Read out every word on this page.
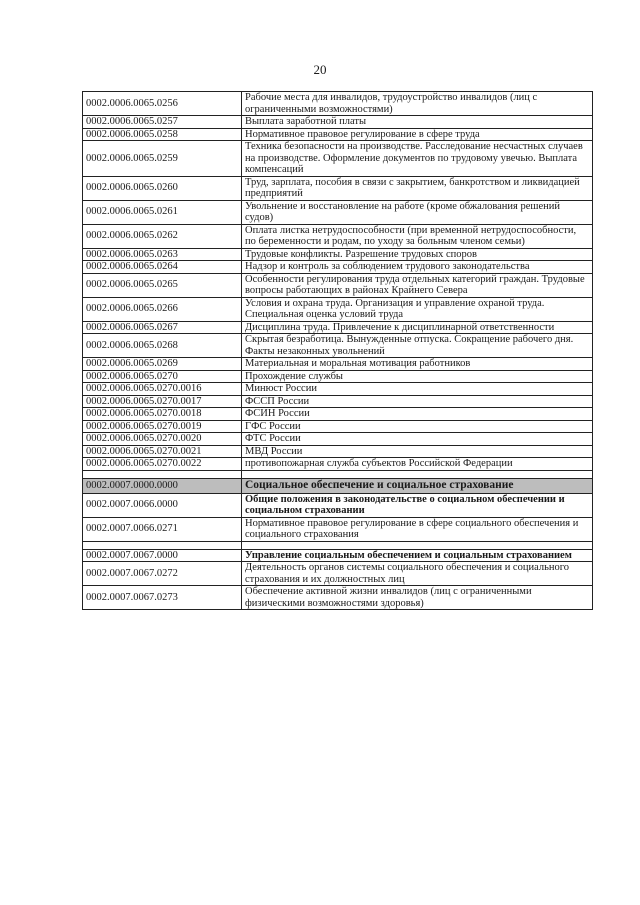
20
0002.0006.0065.0256	Рабочие места для инвалидов, трудоустройство инвалидов (лиц с ограниченными возможностями)
0002.0006.0065.0257	Выплата заработной платы
0002.0006.0065.0258	Нормативное правовое регулирование в сфере труда
0002.0006.0065.0259	Техника безопасности на производстве. Расследование несчастных случаев на производстве. Оформление документов по трудовому увечью. Выплата компенсаций
0002.0006.0065.0260	Труд, зарплата, пособия в связи с закрытием, банкротством и ликвидацией предприятий
0002.0006.0065.0261	Увольнение и восстановление на работе (кроме обжалования решений судов)
0002.0006.0065.0262	Оплата листка нетрудоспособности (при временной нетрудоспособности, по беременности и родам, по уходу за больным членом семьи)
0002.0006.0065.0263	Трудовые конфликты. Разрешение трудовых споров
0002.0006.0065.0264	Надзор и контроль за соблюдением трудового законодательства
0002.0006.0065.0265	Особенности регулирования труда отдельных категорий граждан. Трудовые вопросы работающих в районах Крайнего Севера
0002.0006.0065.0266	Условия и охрана труда. Организация и управление охраной труда. Специальная оценка условий труда
0002.0006.0065.0267	Дисциплина труда. Привлечение к дисциплинарной ответственности
0002.0006.0065.0268	Скрытая безработица. Вынужденные отпуска. Сокращение рабочего дня. Факты незаконных увольнений
0002.0006.0065.0269	Материальная и моральная мотивация работников
0002.0006.0065.0270	Прохождение службы
0002.0006.0065.0270.0016	Минюст России
0002.0006.0065.0270.0017	ФССП России
0002.0006.0065.0270.0018	ФСИН России
0002.0006.0065.0270.0019	ГФС России
0002.0006.0065.0270.0020	ФТС России
0002.0006.0065.0270.0021	МВД России
0002.0006.0065.0270.0022	противопожарная служба субъектов Российской Федерации

0002.0007.0000.0000	Социальное обеспечение и социальное страхование
0002.0007.0066.0000	Общие положения в законодательстве о социальном обеспечении и социальном страховании
0002.0007.0066.0271	Нормативное правовое регулирование в сфере социального обеспечения и социального страхования

0002.0007.0067.0000	Управление социальным обеспечением и социальным страхованием
0002.0007.0067.0272	Деятельность органов системы социального обеспечения и социального страхования и их должностных лиц
0002.0007.0067.0273	Обеспечение активной жизни инвалидов (лиц с ограниченными физическими возможностями здоровья)
